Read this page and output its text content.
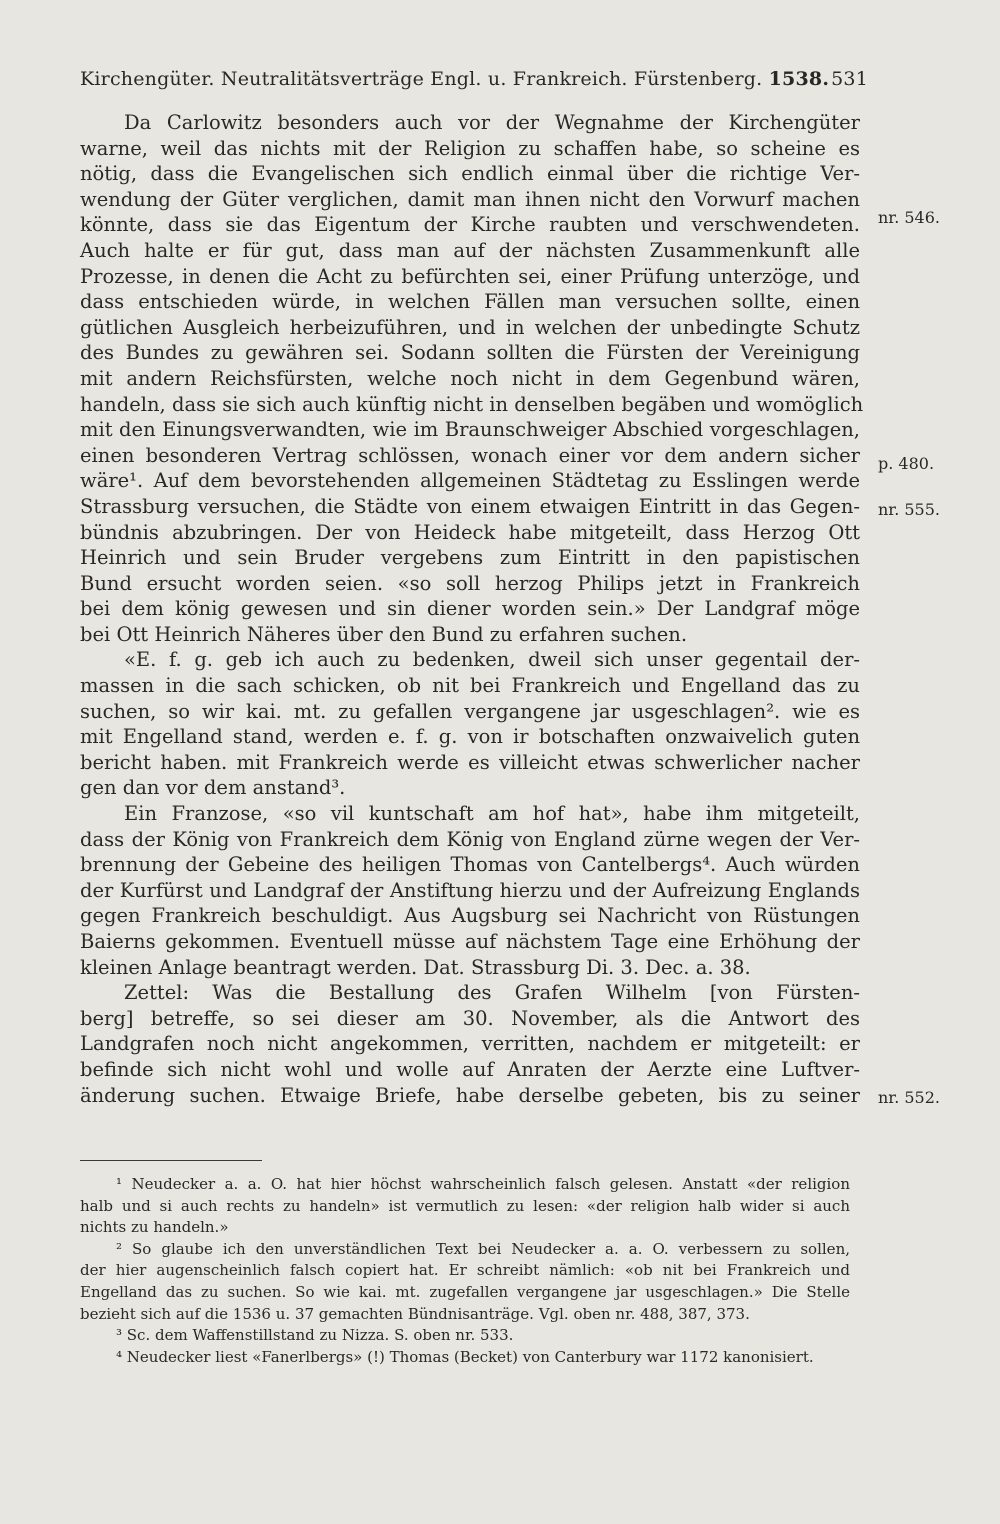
Kirchengüter. Neutralitätsverträge Engl. u. Frankreich. Fürstenberg. 1538. 531
Da Carlowitz besonders auch vor der Wegnahme der Kirchengüter
warne, weil das nichts mit der Religion zu schaffen habe, so scheine es
nötig, dass die Evangelischen sich endlich einmal über die richtige Ver-
wendung der Güter verglichen, damit man ihnen nicht den Vorwurf machen
könnte, dass sie das Eigentum der Kirche raubten und verschwendeten.
Auch halte er für gut, dass man auf der nächsten Zusammenkunft alle
Prozesse, in denen die Acht zu befürchten sei, einer Prüfung unterzöge, und
dass entschieden würde, in welchen Fällen man versuchen sollte, einen
gütlichen Ausgleich herbeizuführen, und in welchen der unbedingte Schutz
des Bundes zu gewähren sei. Sodann sollten die Fürsten der Vereinigung
mit andern Reichsfürsten, welche noch nicht in dem Gegenbund wären,
handeln, dass sie sich auch künftig nicht in denselben begäben und womöglich
mit den Einungsverwandten, wie im Braunschweiger Abschied vorgeschlagen,
einen besonderen Vertrag schlössen, wonach einer vor dem andern sicher
wäre¹. Auf dem bevorstehenden allgemeinen Städtetag zu Esslingen werde
Strassburg versuchen, die Städte von einem etwaigen Eintritt in das Gegen-
bündnis abzubringen. Der von Heideck habe mitgeteilt, dass Herzog Ott
Heinrich und sein Bruder vergebens zum Eintritt in den papistischen
Bund ersucht worden seien. «so soll herzog Philips jetzt in Frankreich
bei dem könig gewesen und sin diener worden sein.» Der Landgraf möge
bei Ott Heinrich Näheres über den Bund zu erfahren suchen.
«E. f. g. geb ich auch zu bedenken, dweil sich unser gegentail der-
massen in die sach schicken, ob nit bei Frankreich und Engelland das zu
suchen, so wir kai. mt. zu gefallen vergangene jar usgeschlagen². wie es
mit Engelland stand, werden e. f. g. von ir botschaften onzwaivelich guten
bericht haben. mit Frankreich werde es villeicht etwas schwerlicher nacher
gen dan vor dem anstand³.
Ein Franzose, «so vil kuntschaft am hof hat», habe ihm mitgeteilt,
dass der König von Frankreich dem König von England zürne wegen der Ver-
brennung der Gebeine des heiligen Thomas von Cantelbergs⁴. Auch würden
der Kurfürst und Landgraf der Anstiftung hierzu und der Aufreizung Englands
gegen Frankreich beschuldigt. Aus Augsburg sei Nachricht von Rüstungen
Baierns gekommen. Eventuell müsse auf nächstem Tage eine Erhöhung der
kleinen Anlage beantragt werden. Dat. Strassburg Di. 3. Dec. a. 38.
Zettel: Was die Bestallung des Grafen Wilhelm [von Fürsten-
berg] betreffe, so sei dieser am 30. November, als die Antwort des
Landgrafen noch nicht angekommen, verritten, nachdem er mitgeteilt: er
befinde sich nicht wohl und wolle auf Anraten der Aerzte eine Luftver-
änderung suchen. Etwaige Briefe, habe derselbe gebeten, bis zu seiner
nr. 546.
p. 480.
nr. 555.
nr. 552.
¹ Neudecker a. a. O. hat hier höchst wahrscheinlich falsch gelesen. Anstatt «der religion
halb und si auch rechts zu handeln» ist vermutlich zu lesen: «der religion halb wider si auch
nichts zu handeln.»
² So glaube ich den unverständlichen Text bei Neudecker a. a. O. verbessern zu sollen,
der hier augenscheinlich falsch copiert hat. Er schreibt nämlich: «ob nit bei Frankreich und
Engelland das zu suchen. So wie kai. mt. zugefallen vergangene jar usgeschlagen.» Die Stelle
bezieht sich auf die 1536 u. 37 gemachten Bündnisanträge. Vgl. oben nr. 488, 387, 373.
³ Sc. dem Waffenstillstand zu Nizza. S. oben nr. 533.
⁴ Neudecker liest «Fanerlbergs» (!) Thomas (Becket) von Canterbury war 1172 kanonisiert.
